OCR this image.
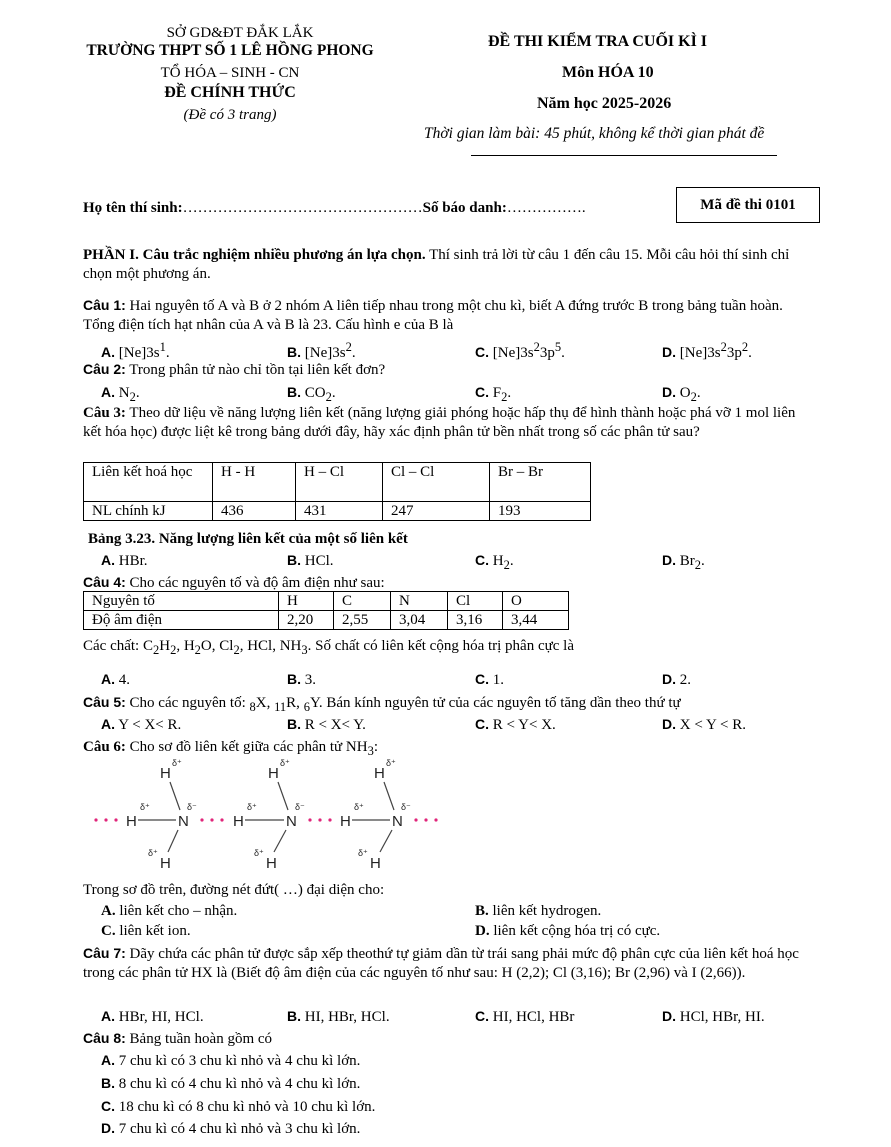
SỞ GD&ĐT ĐẮK LẮK
TRƯỜNG THPT SỐ 1 LÊ HỒNG PHONG
TỔ HÓA – SINH - CN
ĐỀ CHÍNH THỨC
(Đề có 3 trang)
ĐỀ THI KIỂM TRA CUỐI KÌ I
Môn HÓA 10
Năm học 2025-2026
Thời gian làm bài: 45 phút, không kể thời gian phát đề
Họ tên thí sinh:…………………………………………Số báo danh:…………….	Mã đề thi 0101
PHẦN I. Câu trắc nghiệm nhiều phương án lựa chọn. Thí sinh trả lời từ câu 1 đến câu 15. Mỗi câu hỏi thí sinh chỉ chọn một phương án.
Câu 1: Hai nguyên tố A và B ở 2 nhóm A liên tiếp nhau trong một chu kì, biết A đứng trước B trong bảng tuần hoàn. Tổng điện tích hạt nhân của A và B là 23. Cấu hình e của B là
A. $[Ne]3s^1$.	B. $[Ne]3s^2$.	C. $[Ne]3s^23p^5$.	D. $[Ne]3s^23p^2$.
Câu 2: Trong phân tử nào chỉ tồn tại liên kết đơn?
A. $N_2$.	B. $CO_2$.	C. $F_2$.	D. $O_2$.
Câu 3: Theo dữ liệu về năng lượng liên kết (năng lượng giải phóng hoặc hấp thụ để hình thành hoặc phá vỡ 1 mol liên kết hóa học) được liệt kê trong bảng dưới đây, hãy xác định phân tử bền nhất trong số các phân tử sau?
Liên kết hoá học	H - H	H – Cl	Cl – Cl	Br – Br
NL chính kJ	436	431	247	193
Bảng 3.23. Năng lượng liên kết của một số liên kết
A. HBr.	B. HCl.	C. $H_2$.	D. $Br_2$.
Câu 4: Cho các nguyên tố và độ âm điện như sau:
Nguyên tố	H	C	N	Cl	O
Độ âm điện	2,20	2,55	3,04	3,16	3,44
Các chất: $C_2H_2$, $H_2O$, $Cl_2$, HCl, $NH_3$. Số chất có liên kết cộng hóa trị phân cực là
A. 4.	B. 3.	C. 1.	D. 2.
Câu 5: Cho các nguyên tố: $_8$X, $_{11}$R, $_6$Y. Bán kính nguyên tử của các nguyên tố tăng dần theo thứ tự
A. Y < X< R.	B. R < X< Y.	C. R < Y< X.	D. X < Y < R.
Câu 6: Cho sơ đồ liên kết giữa các phân tử $NH_3$:
H
δ⁺
N
δ⁻
H
δ⁺
H
δ⁺
H
δ⁺
N
δ⁻
H
δ⁺
H
δ⁺
H
δ⁺
N
δ⁻
H
δ⁺
H
δ⁺
Trong sơ đồ trên, đường nét đứt( …) đại diện cho:
A. liên kết cho – nhận.	B. liên kết hydrogen.
C. liên kết ion.	D. liên kết cộng hóa trị có cực.
Câu 7: Dãy chứa các phân tử được sắp xếp theothứ tự giảm dần từ trái sang phải mức độ phân cực của liên kết hoá học trong các phân tử HX là (Biết độ âm điện của các nguyên tố như sau: H (2,2); Cl (3,16); Br (2,96) và I (2,66)).
A. HBr, HI, HCl.	B. HI, HBr, HCl.	C. HI, HCl, HBr	D. HCl, HBr, HI.
Câu 8: Bảng tuần hoàn gồm có
A. 7 chu kì có 3 chu kì nhỏ và 4 chu kì lớn.
B. 8 chu kì có 4 chu kì nhỏ và 4 chu kì lớn.
C. 18 chu kì có 8 chu kì nhỏ và 10 chu kì lớn.
D. 7 chu kì có 4 chu kì nhỏ và 3 chu kì lớn.
